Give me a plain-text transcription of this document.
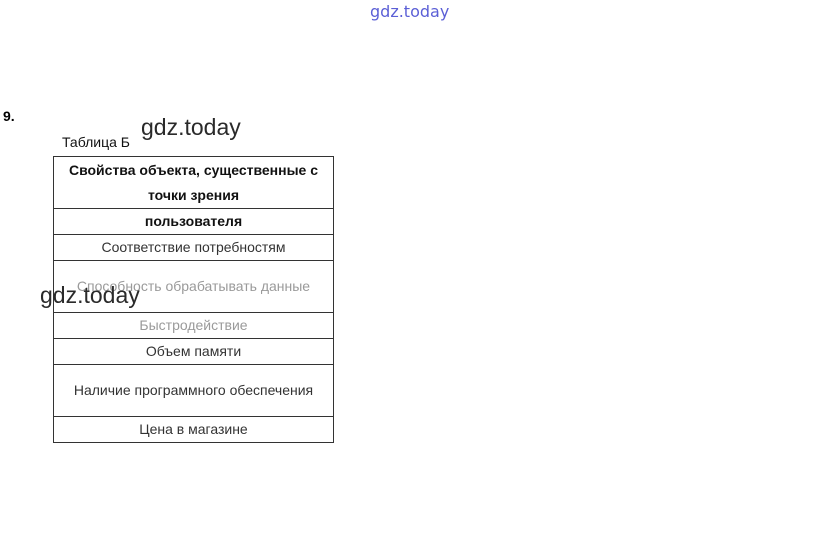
gdz.today
9.
Таблица Б
gdz.today
Свойства объекта, существенные с точки зрения
пользователя
Соответствие потребностям
Способность обрабатывать данные
Быстродействие
Объем памяти
Наличие программного обеспечения
Цена в магазине
gdz.today
